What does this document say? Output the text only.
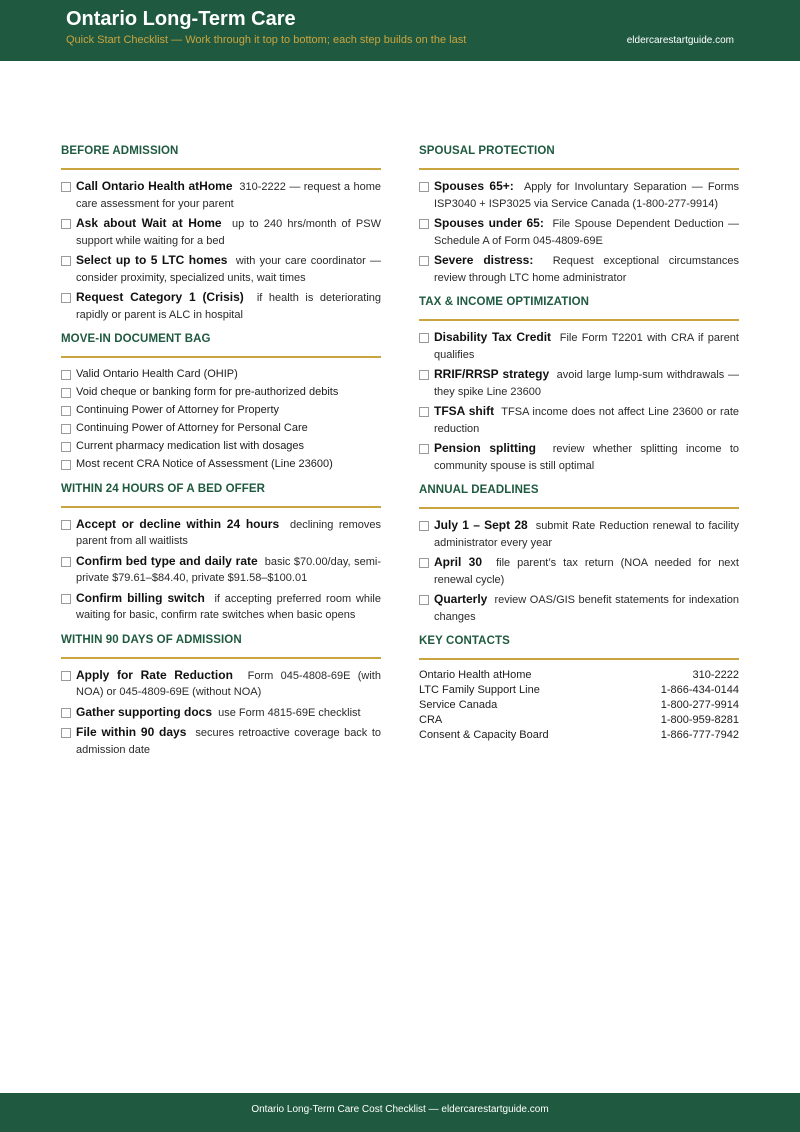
Ontario Long-Term Care
Quick Start Checklist — Work through it top to bottom; each step builds on the last	eldercarestartguide.com
BEFORE ADMISSION
Call Ontario Health atHome 310-2222 — request a home care assessment for your parent
Ask about Wait at Home up to 240 hrs/month of PSW support while waiting for a bed
Select up to 5 LTC homes with your care coordinator — consider proximity, specialized units, wait times
Request Category 1 (Crisis) if health is deteriorating rapidly or parent is ALC in hospital
MOVE-IN DOCUMENT BAG
Valid Ontario Health Card (OHIP)
Void cheque or banking form for pre-authorized debits
Continuing Power of Attorney for Property
Continuing Power of Attorney for Personal Care
Current pharmacy medication list with dosages
Most recent CRA Notice of Assessment (Line 23600)
WITHIN 24 HOURS OF A BED OFFER
Accept or decline within 24 hours declining removes parent from all waitlists
Confirm bed type and daily rate basic $70.00/day, semi-private $79.61–$84.40, private $91.58–$100.01
Confirm billing switch if accepting preferred room while waiting for basic, confirm rate switches when basic opens
WITHIN 90 DAYS OF ADMISSION
Apply for Rate Reduction Form 045-4808-69E (with NOA) or 045-4809-69E (without NOA)
Gather supporting docs use Form 4815-69E checklist
File within 90 days secures retroactive coverage back to admission date
SPOUSAL PROTECTION
Spouses 65+: Apply for Involuntary Separation — Forms ISP3040 + ISP3025 via Service Canada (1-800-277-9914)
Spouses under 65: File Spouse Dependent Deduction — Schedule A of Form 045-4809-69E
Severe distress: Request exceptional circumstances review through LTC home administrator
TAX & INCOME OPTIMIZATION
Disability Tax Credit File Form T2201 with CRA if parent qualifies
RRIF/RRSP strategy avoid large lump-sum withdrawals — they spike Line 23600
TFSA shift TFSA income does not affect Line 23600 or rate reduction
Pension splitting review whether splitting income to community spouse is still optimal
ANNUAL DEADLINES
July 1 – Sept 28 submit Rate Reduction renewal to facility administrator every year
April 30 file parent’s tax return (NOA needed for next renewal cycle)
Quarterly review OAS/GIS benefit statements for indexation changes
KEY CONTACTS
Ontario Health atHome	310-2222
LTC Family Support Line	1-866-434-0144
Service Canada	1-800-277-9914
CRA	1-800-959-8281
Consent & Capacity Board	1-866-777-7942
Ontario Long-Term Care Cost Checklist — eldercarestartguide.com
